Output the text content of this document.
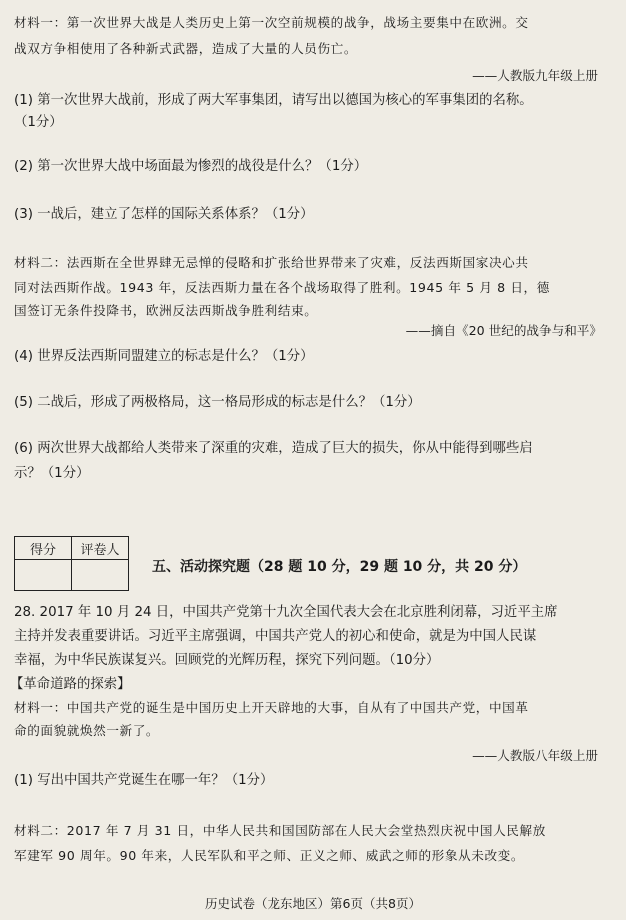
材料一：第一次世界大战是人类历史上第一次空前规模的战争，战场主要集中在欧洲。交
战双方争相使用了各种新式武器，造成了大量的人员伤亡。
——人教版九年级上册
(1) 第一次世界大战前，形成了两大军事集团，请写出以德国为核心的军事集团的名称。
（1分）
(2) 第一次世界大战中场面最为惨烈的战役是什么？（1分）
(3) 一战后，建立了怎样的国际关系体系？（1分）
材料二：法西斯在全世界肆无忌惮的侵略和扩张给世界带来了灾难，反法西斯国家决心共
同对法西斯作战。1943 年，反法西斯力量在各个战场取得了胜利。1945 年 5 月 8 日，德
国签订无条件投降书，欧洲反法西斯战争胜利结束。
——摘自《20 世纪的战争与和平》
(4) 世界反法西斯同盟建立的标志是什么？（1分）
(5) 二战后，形成了两极格局，这一格局形成的标志是什么？（1分）
(6) 两次世界大战都给人类带来了深重的灾难，造成了巨大的损失，你从中能得到哪些启
示？（1分）
得分	评卷人

五、活动探究题（28 题 10 分，29 题 10 分，共 20 分）
28. 2017 年 10 月 24 日，中国共产党第十九次全国代表大会在北京胜利闭幕，习近平主席
主持并发表重要讲话。习近平主席强调，中国共产党人的初心和使命，就是为中国人民谋
幸福，为中华民族谋复兴。回顾党的光辉历程，探究下列问题。（10分）
【革命道路的探索】
材料一：中国共产党的诞生是中国历史上开天辟地的大事，自从有了中国共产党，中国革
命的面貌就焕然一新了。
——人教版八年级上册
(1) 写出中国共产党诞生在哪一年？（1分）
材料二：2017 年 7 月 31 日，中华人民共和国国防部在人民大会堂热烈庆祝中国人民解放
军建军 90 周年。90 年来，人民军队和平之师、正义之师、威武之师的形象从未改变。
历史试卷（龙东地区）第6页（共8页）
